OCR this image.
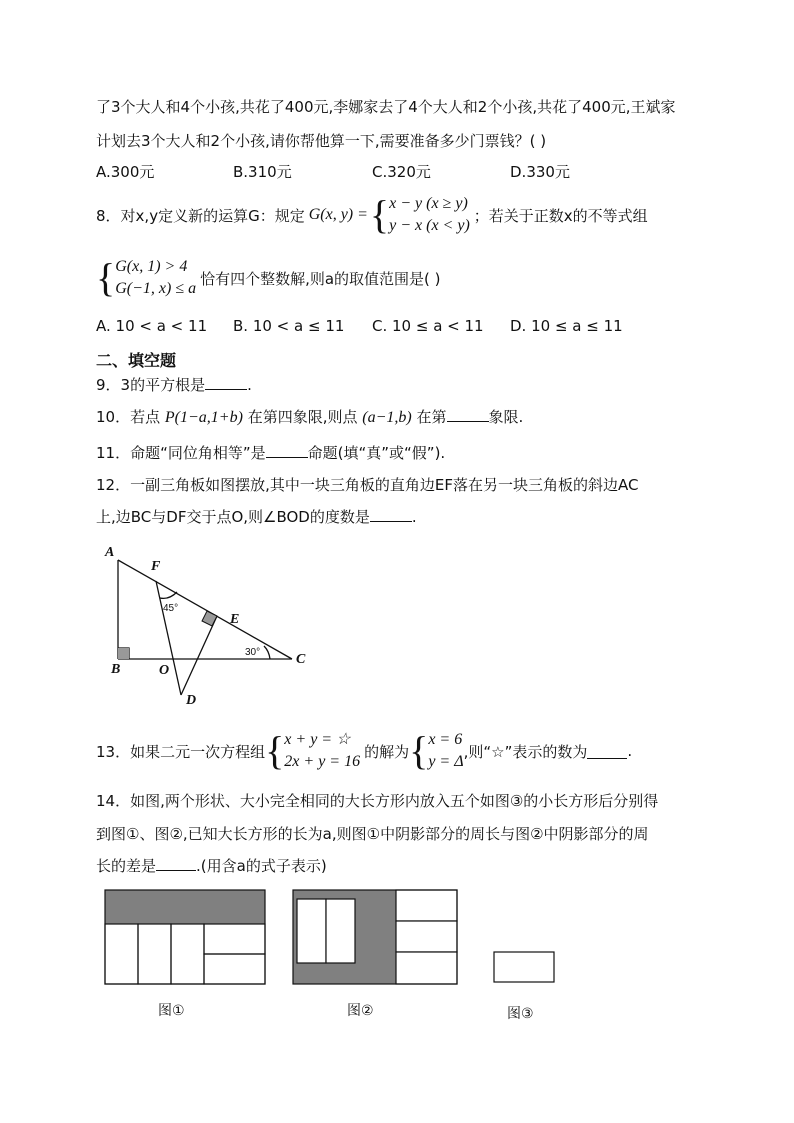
了3个大人和4个小孩,共花了400元,李娜家去了4个大人和2个小孩,共花了400元,王斌家
计划去3个大人和2个小孩,请你帮他算一下,需要准备多少门票钱？( )
A.300元	B.310元	C.320元	D.330元
8．对x,y定义新的运算G：规定 G(x, y) = { x − y (x ≥ y)
y − x (x < y)
；若关于正数x的不等式组
{ G(x, 1) > 4
G(−1, x) ≤ a
恰有四个整数解,则a的取值范围是( )
A. 10 < a < 11 B. 10 < a ≤ 11 C. 10 ≤ a < 11 D. 10 ≤ a ≤ 11
二、填空题
9．3的平方根是	.
10．若点 P(1−a,1+b) 在第四象限,则点 (a−1,b) 在第	象限.
11．命题“同位角相等”是	命题(填“真”或“假”).
12．一副三角板如图摆放,其中一块三角板的直角边EF落在另一块三角板的斜边AC
上,边BC与DF交于点O,则∠BOD的度数是	.
A
B
C
D
E
F
O
45°
30°
13．如果二元一次方程组 { x + y = ☆
2x + y = 16
的解为 { x = 6
y = Δ
,则“☆”表示的数为	.
14．如图,两个形状、大小完全相同的大长方形内放入五个如图③的小长方形后分别得
到图①、图②,已知大长方形的长为a,则图①中阴影部分的周长与图②中阴影部分的周
长的差是	.(用含a的式子表示)
图①	图②	图③
